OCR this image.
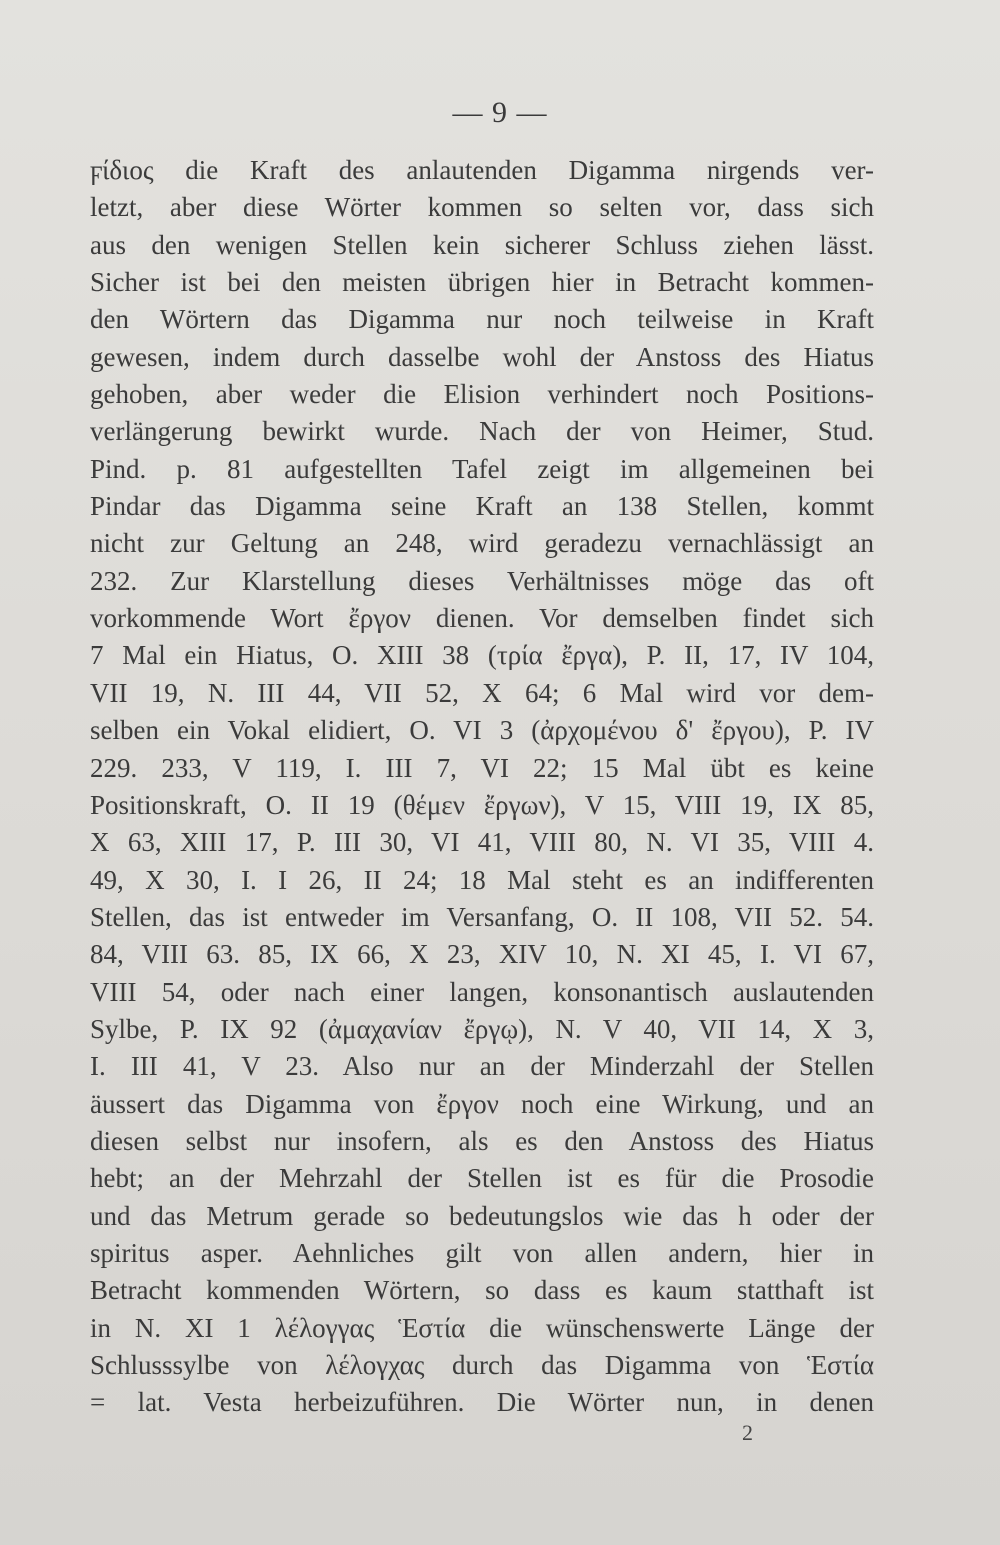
— 9 —

ϝίδιος die Kraft des anlautenden Digamma nirgends ver-
letzt, aber diese Wörter kommen so selten vor, dass sich
aus den wenigen Stellen kein sicherer Schluss ziehen lässt.
Sicher ist bei den meisten übrigen hier in Betracht kommen-
den Wörtern das Digamma nur noch teilweise in Kraft
gewesen, indem durch dasselbe wohl der Anstoss des Hiatus
gehoben, aber weder die Elision verhindert noch Positions-
verlängerung bewirkt wurde. Nach der von Heimer, Stud.
Pind. p. 81 aufgestellten Tafel zeigt im allgemeinen bei
Pindar das Digamma seine Kraft an 138 Stellen, kommt
nicht zur Geltung an 248, wird geradezu vernachlässigt an
232. Zur Klarstellung dieses Verhältnisses möge das oft
vorkommende Wort ἔργον dienen. Vor demselben findet sich
7 Mal ein Hiatus, O. XIII 38 (τρία ἔργα), P. II, 17, IV 104,
VII 19, N. III 44, VII 52, X 64; 6 Mal wird vor dem-
selben ein Vokal elidiert, O. VI 3 (ἀρχομένου δ' ἔργου), P. IV
229. 233, V 119, I. III 7, VI 22; 15 Mal übt es keine
Positionskraft, O. II 19 (θέμεν ἔργων), V 15, VIII 19, IX 85,
X 63, XIII 17, P. III 30, VI 41, VIII 80, N. VI 35, VIII 4.
49, X 30, I. I 26, II 24; 18 Mal steht es an indifferenten
Stellen, das ist entweder im Versanfang, O. II 108, VII 52. 54.
84, VIII 63. 85, IX 66, X 23, XIV 10, N. XI 45, I. VI 67,
VIII 54, oder nach einer langen, konsonantisch auslautenden
Sylbe, P. IX 92 (ἀμαχανίαν ἔργῳ), N. V 40, VII 14, X 3,
I. III 41, V 23. Also nur an der Minderzahl der Stellen
äussert das Digamma von ἔργον noch eine Wirkung, und an
diesen selbst nur insofern, als es den Anstoss des Hiatus
hebt; an der Mehrzahl der Stellen ist es für die Prosodie
und das Metrum gerade so bedeutungslos wie das h oder der
spiritus asper. Aehnliches gilt von allen andern, hier in
Betracht kommenden Wörtern, so dass es kaum statthaft ist
in N. XI 1 λέλογγας Ἑστία die wünschenswerte Länge der
Schlusssylbe von λέλογχας durch das Digamma von Ἑστία
= lat. Vesta herbeizuführen. Die Wörter nun, in denen

2
